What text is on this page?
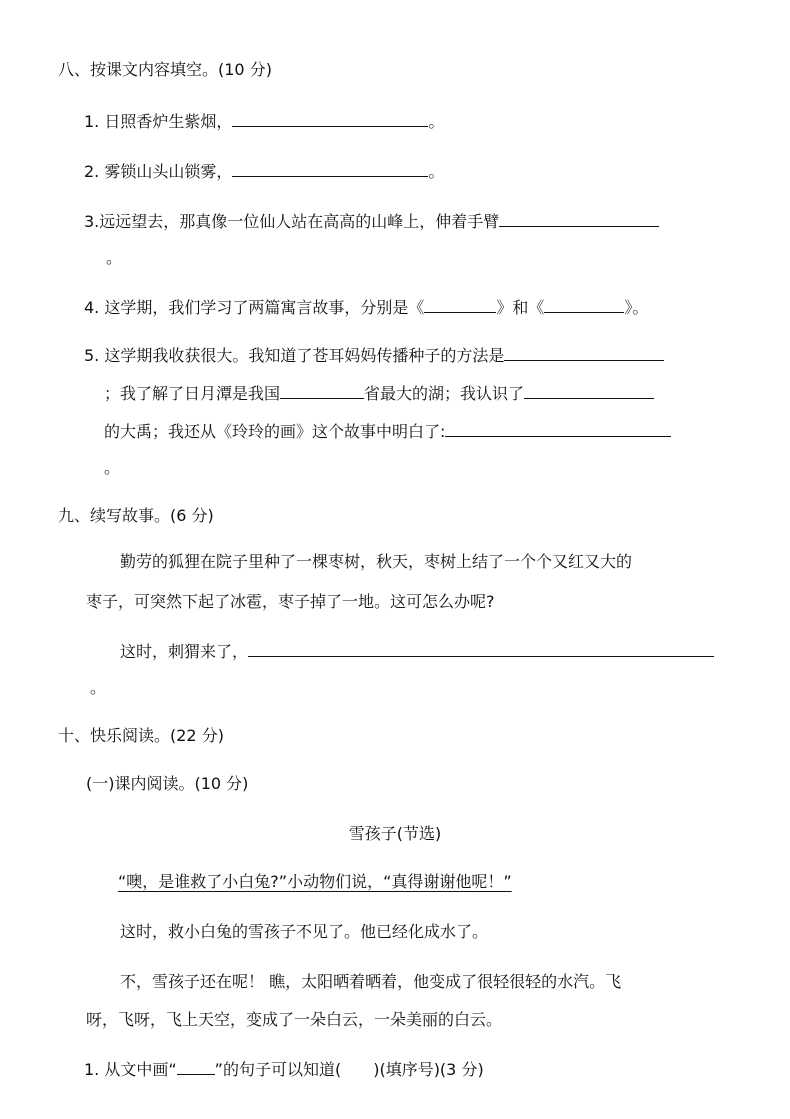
八、按课文内容填空。(10 分)
1. 日照香炉生紫烟，	。
2. 雾锁山头山锁雾，	。
3.远远望去，那真像一位仙人站在高高的山峰上，伸着手臂
。
4. 这学期，我们学习了两篇寓言故事，分别是《	》和《	》。
5. 这学期我收获很大。我知道了苍耳妈妈传播种子的方法是
；我了解了日月潭是我国	省最大的湖；我认识了
的大禹；我还从《玲玲的画》这个故事中明白了:
。
九、续写故事。(6 分)
勤劳的狐狸在院子里种了一棵枣树，秋天，枣树上结了一个个又红又大的
枣子，可突然下起了冰雹，枣子掉了一地。这可怎么办呢?
这时，刺猬来了，
。
十、快乐阅读。(22 分)
(一)课内阅读。(10 分)
雪孩子(节选)
“噢，是谁救了小白兔?”小动物们说，“真得谢谢他呢！”
这时，救小白兔的雪孩子不见了。他已经化成水了。
不，雪孩子还在呢！ 瞧，太阳晒着晒着，他变成了很轻很轻的水汽。飞
呀，飞呀，飞上天空，变成了一朵白云，一朵美丽的白云。
1. 从文中画“ ”的句子可以知道( )(填序号)(3 分)
